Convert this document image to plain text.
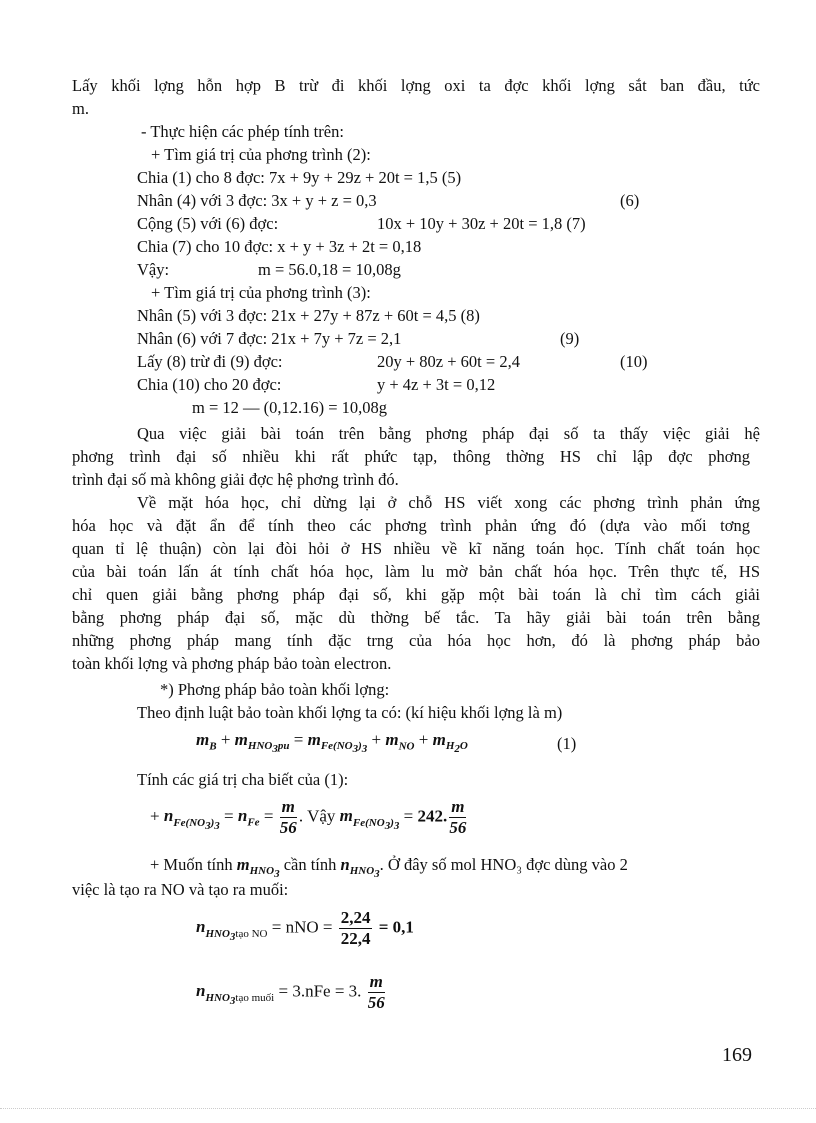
Lấy khối lợng hỗn hợp B trừ đi khối lợng oxi ta đợc khối lợng sắt ban đầu, tức
m.
- Thực hiện các phép tính trên:
+ Tìm giá trị của phơng trình (2):
Chia (1) cho 8 đợc: 7x + 9y + 29z + 20t = 1,5 (5)
Nhân (4) với 3 đợc: 3x + y + z = 0,3	(6)
Cộng (5) với (6) đợc:	10x + 10y + 30z + 20t = 1,8 (7)
Chia (7) cho 10 đợc: x + y + 3z + 2t = 0,18
Vậy:	m = 56.0,18 = 10,08g
+ Tìm giá trị của phơng trình (3):
Nhân (5) với 3 đợc: 21x + 27y + 87z + 60t = 4,5 (8)
Nhân (6) với 7 đợc: 21x + 7y + 7z = 2,1	(9)
Lấy (8) trừ đi (9) đợc:	20y + 80z + 60t = 2,4	(10)
Chia (10) cho 20 đợc:	y + 4z + 3t = 0,12
m = 12 — (0,12.16) = 10,08g
Qua việc giải bài toán trên bằng phơng pháp đại số ta thấy việc giải hệ
phơng trình đại số nhiều khi rất phức tạp, thông thờng HS chỉ lập đợc phơng
trình đại số mà không giải đợc hệ phơng trình đó.
Về mặt hóa học, chỉ dừng lại ở chỗ HS viết xong các phơng trình phản ứng
hóa học và đặt ẩn để tính theo các phơng trình phản ứng đó (dựa vào mối tơng
quan tỉ lệ thuận) còn lại đòi hỏi ở HS nhiều về kĩ năng toán học. Tính chất toán học
của bài toán lấn át tính chất hóa học, làm lu mờ bản chất hóa học. Trên thực tế, HS
chỉ quen giải bằng phơng pháp đại số, khi gặp một bài toán là chỉ tìm cách giải
bằng phơng pháp đại số, mặc dù thờng bế tắc. Ta hãy giải bài toán trên bằng
những phơng pháp mang tính đặc trng của hóa học hơn, đó là phơng pháp bảo
toàn khối lợng và phơng pháp bảo toàn electron.
*) Phơng pháp bảo toàn khối lợng:
Theo định luật bảo toàn khối lợng ta có: (kí hiệu khối lợng là m)
$m_B + m_{HNO_3pu} = m_{Fe(NO_3)_3} + m_{NO} + m_{H_2O}$	(1)
Tính các giá trị cha biết của (1):
+ $n_{Fe(NO_3)_3} = n_{Fe} = \frac{m}{56}$ . Vậy $m_{Fe(NO_3)_3} = 242$. $\frac{m}{56}$
+ Muốn tính $m_{HNO_3}$ cần tính $n_{HNO_3}$. Ở đây số mol HNO₃ đợc dùng vào 2
việc là tạo ra NO và tạo ra muối:
$n_{HNO_3tạo NO}$ = nNO = $\frac{2,24}{22,4} = 0,1$
$n_{HNO_3tạo muối} = 3.nFe = 3$. $\frac{m}{56}$
169
